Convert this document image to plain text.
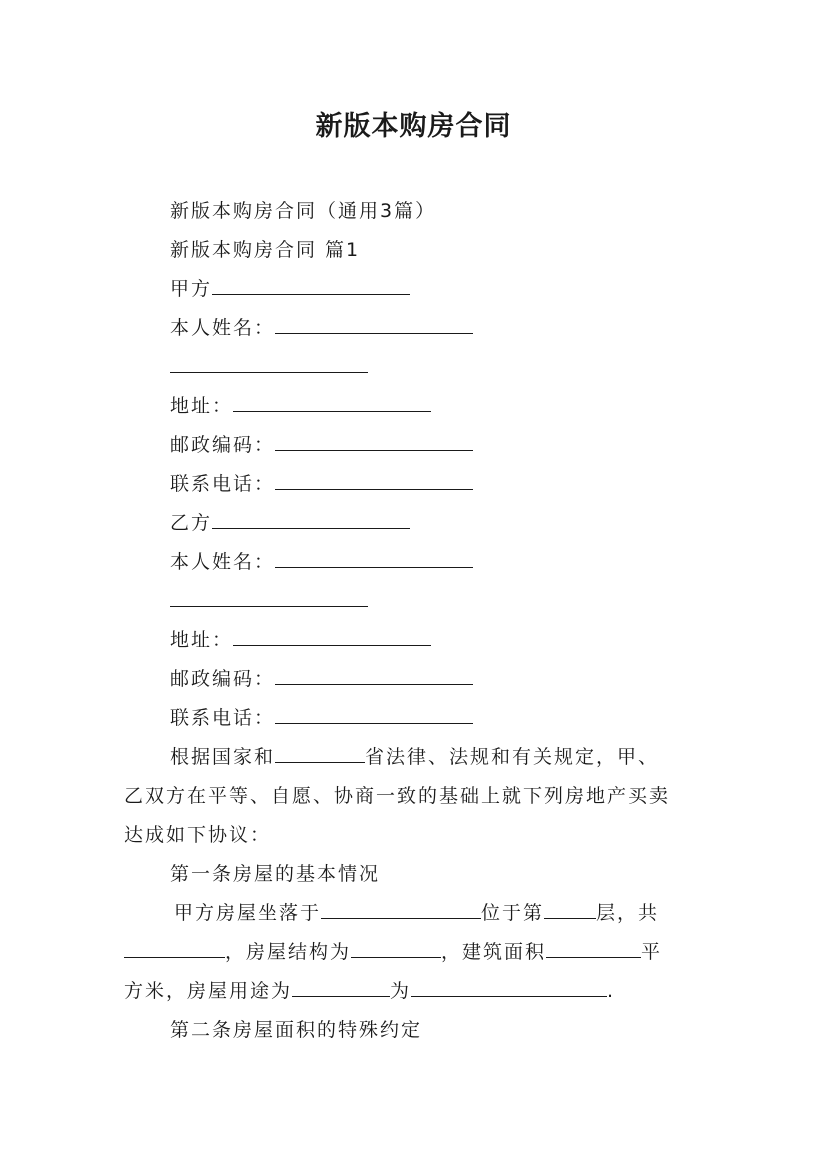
新版本购房合同
新版本购房合同（通用3篇）
新版本购房合同 篇1
甲方
本人姓名：
地址：
邮政编码：
联系电话：
乙方
本人姓名：
地址：
邮政编码：
联系电话：
根据国家和	省法律、法规和有关规定，甲、
乙双方在平等、自愿、协商一致的基础上就下列房地产买卖
达成如下协议：
第一条房屋的基本情况
甲方房屋坐落于	位于第	层，共
，房屋结构为	，建筑面积	平
方米，房屋用途为	为	.
第二条房屋面积的特殊约定
